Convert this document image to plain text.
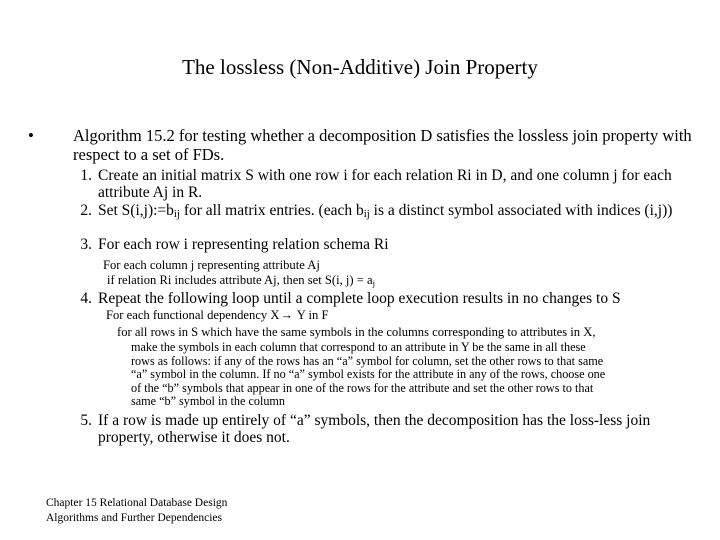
The lossless (Non-Additive) Join Property
• Algorithm 15.2 for testing whether a decomposition D satisfies the lossless join property with respect to a set of FDs.
1. Create an initial matrix S with one row i for each relation Ri in D, and one column j for each attribute Aj in R.
2. Set $S(i,j):=b_{ij}$ for all matrix entries. (each $b_{ij}$ is a distinct symbol associated with indices (i,j))
3. For each row i representing relation schema Ri
For each column j representing attribute Aj
if relation Ri includes attribute Aj, then set S(i, $j) = a_j$
4. Repeat the following loop until a complete loop execution results in no changes to S
For each functional dependency X→ Y in F
for all rows in S which have the same symbols in the columns corresponding to attributes in X,
make the symbols in each column that correspond to an attribute in Y be the same in all these
rows as follows: if any of the rows has an “a” symbol for column, set the other rows to that same
“a” symbol in the column. If no “a” symbol exists for the attribute in any of the rows, choose one
of the “b” symbols that appear in one of the rows for the attribute and set the other rows to that
same “b” symbol in the column
5. If a row is made up entirely of “a” symbols, then the decomposition has the loss-less join property, otherwise it does not.
Chapter 15 Relational Database Design
Algorithms and Further Dependencies
